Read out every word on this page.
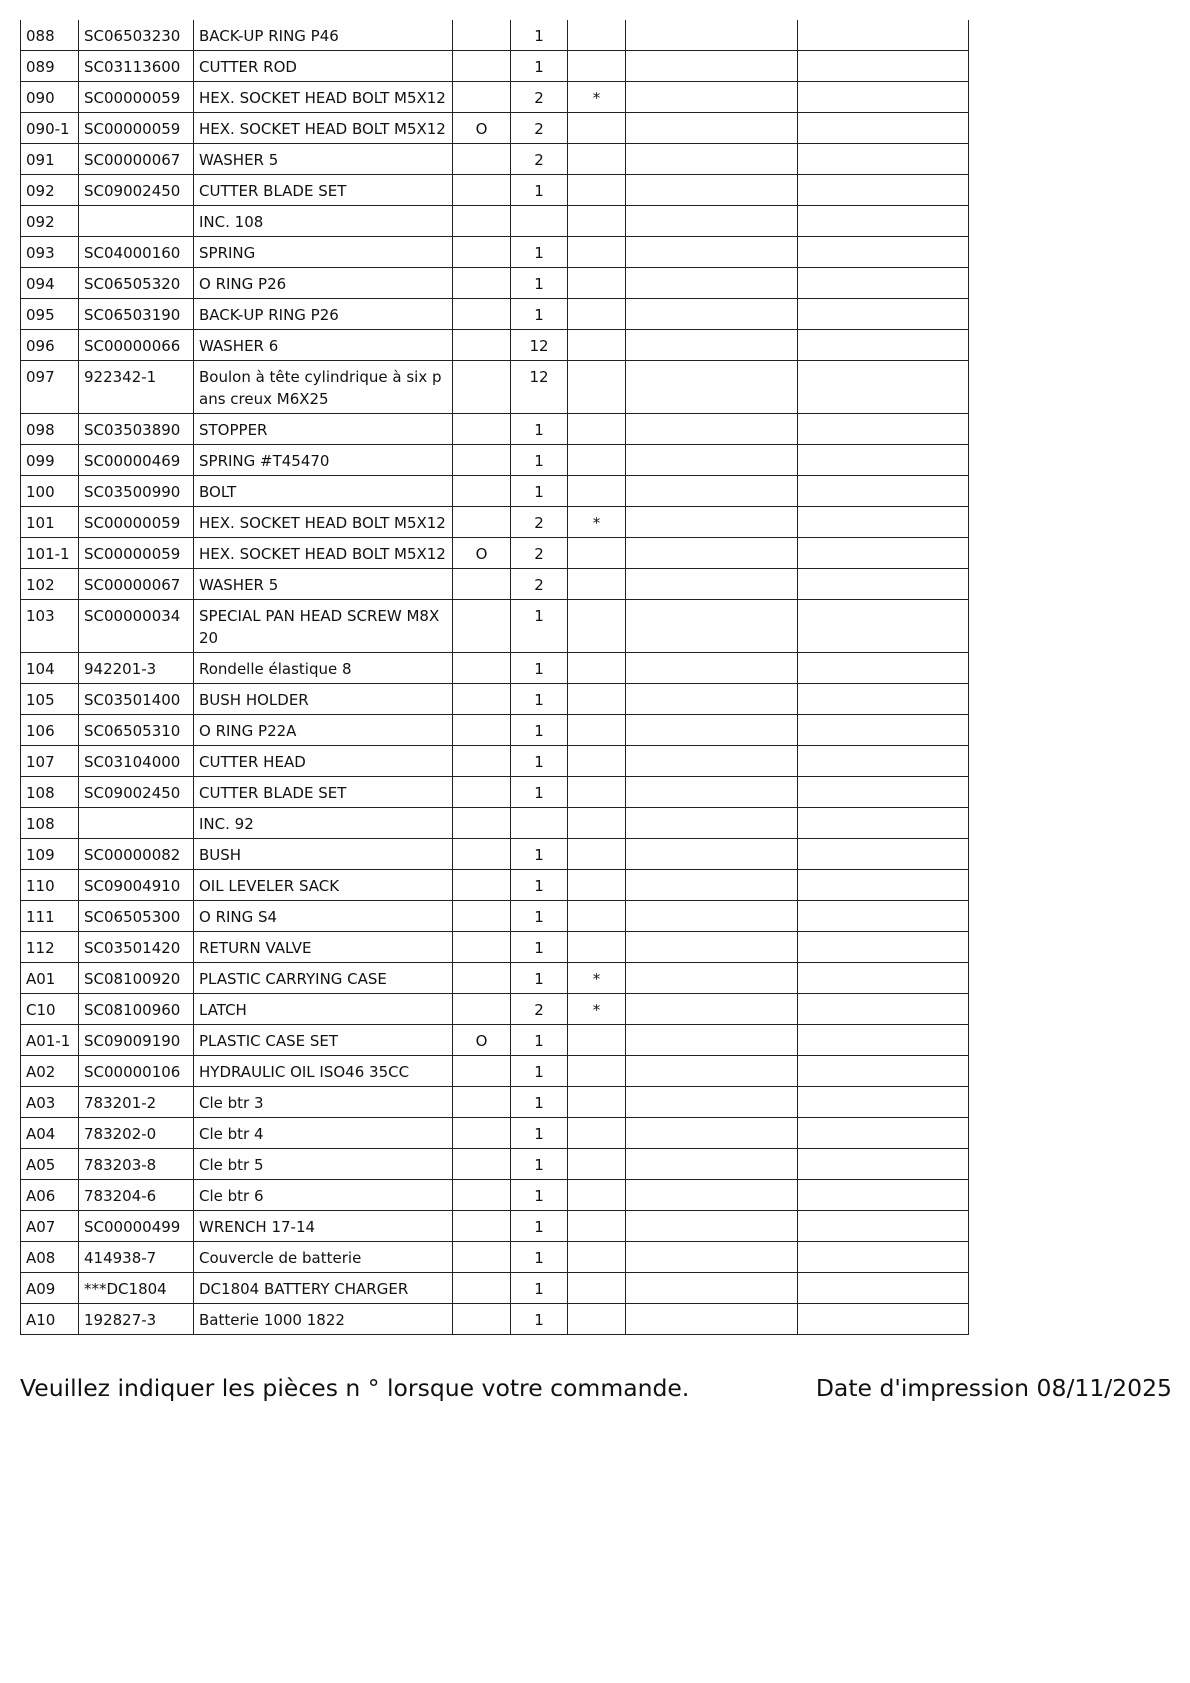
088	SC06503230	BACK-UP RING P46		1			
089	SC03113600	CUTTER ROD		1			
090	SC00000059	HEX. SOCKET HEAD BOLT M5X12		2	*		
090-1	SC00000059	HEX. SOCKET HEAD BOLT M5X12	O	2			
091	SC00000067	WASHER 5		2			
092	SC09002450	CUTTER BLADE SET		1			
092		INC. 108					
093	SC04000160	SPRING		1			
094	SC06505320	O RING P26		1			
095	SC06503190	BACK-UP RING P26		1			
096	SC00000066	WASHER 6		12			
097	922342-1	Boulon à tête cylindrique à six pans creux M6X25		12			
098	SC03503890	STOPPER		1			
099	SC00000469	SPRING #T45470		1			
100	SC03500990	BOLT		1			
101	SC00000059	HEX. SOCKET HEAD BOLT M5X12		2	*		
101-1	SC00000059	HEX. SOCKET HEAD BOLT M5X12	O	2			
102	SC00000067	WASHER 5		2			
103	SC00000034	SPECIAL PAN HEAD SCREW M8X20		1			
104	942201-3	Rondelle élastique 8		1			
105	SC03501400	BUSH HOLDER		1			
106	SC06505310	O RING P22A		1			
107	SC03104000	CUTTER HEAD		1			
108	SC09002450	CUTTER BLADE SET		1			
108		INC. 92					
109	SC00000082	BUSH		1			
110	SC09004910	OIL LEVELER SACK		1			
111	SC06505300	O RING S4		1			
112	SC03501420	RETURN VALVE		1			
A01	SC08100920	PLASTIC CARRYING CASE		1	*		
C10	SC08100960	LATCH		2	*		
A01-1	SC09009190	PLASTIC CASE SET	O	1			
A02	SC00000106	HYDRAULIC OIL ISO46 35CC		1			
A03	783201-2	Cle btr 3		1			
A04	783202-0	Cle btr 4		1			
A05	783203-8	Cle btr 5		1			
A06	783204-6	Cle btr 6		1			
A07	SC00000499	WRENCH 17-14		1			
A08	414938-7	Couvercle de batterie		1			
A09	***DC1804	DC1804 BATTERY CHARGER		1			
A10	192827-3	Batterie 1000 1822		1			
Veuillez indiquer les pièces n ° lorsque votre commande.	Date d'impression 08/11/2025
